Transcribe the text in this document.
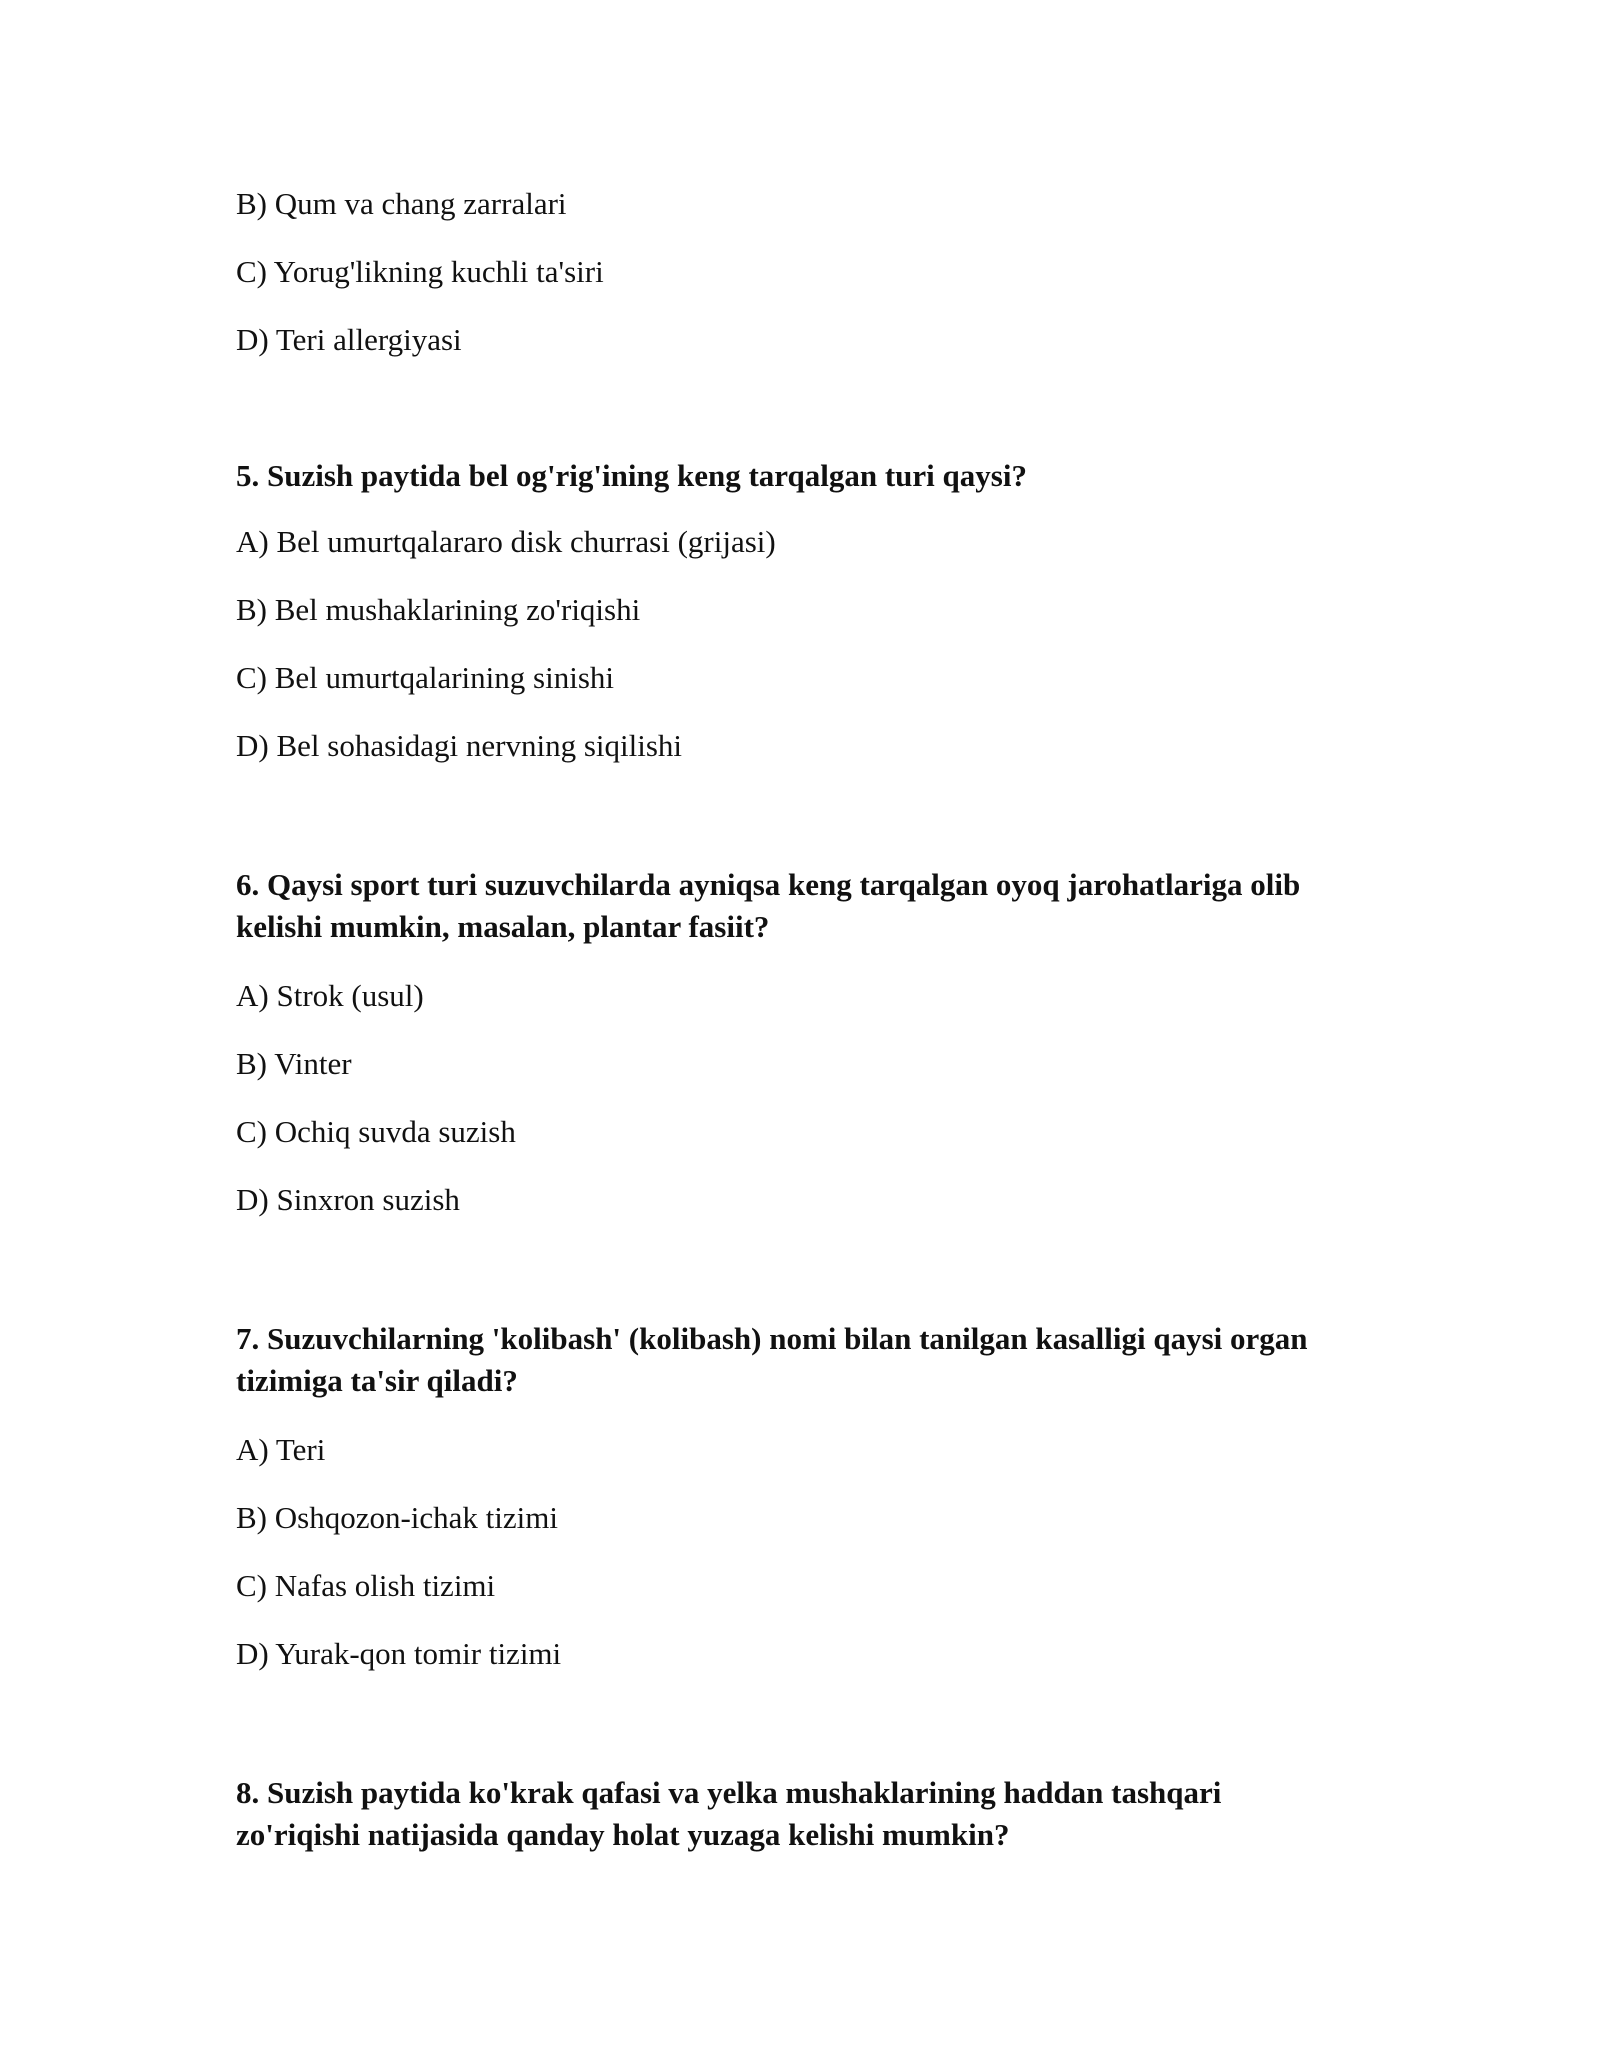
B) Qum va chang zarralari

C) Yorug'likning kuchli ta'siri

D) Teri allergiyasi

5. Suzish paytida bel og'rig'ining keng tarqalgan turi qaysi?

A) Bel umurtqalararo disk churrasi (grijasi)

B) Bel mushaklarining zo'riqishi

C) Bel umurtqalarining sinishi

D) Bel sohasidagi nervning siqilishi

6. Qaysi sport turi suzuvchilarda ayniqsa keng tarqalgan oyoq jarohatlariga olib
kelishi mumkin, masalan, plantar fasiit?

A) Strok (usul)

B) Vinter

C) Ochiq suvda suzish

D) Sinxron suzish

7. Suzuvchilarning 'kolibash' (kolibash) nomi bilan tanilgan kasalligi qaysi organ
tizimiga ta'sir qiladi?

A) Teri

B) Oshqozon-ichak tizimi

C) Nafas olish tizimi

D) Yurak-qon tomir tizimi

8. Suzish paytida ko'krak qafasi va yelka mushaklarining haddan tashqari
zo'riqishi natijasida qanday holat yuzaga kelishi mumkin?
